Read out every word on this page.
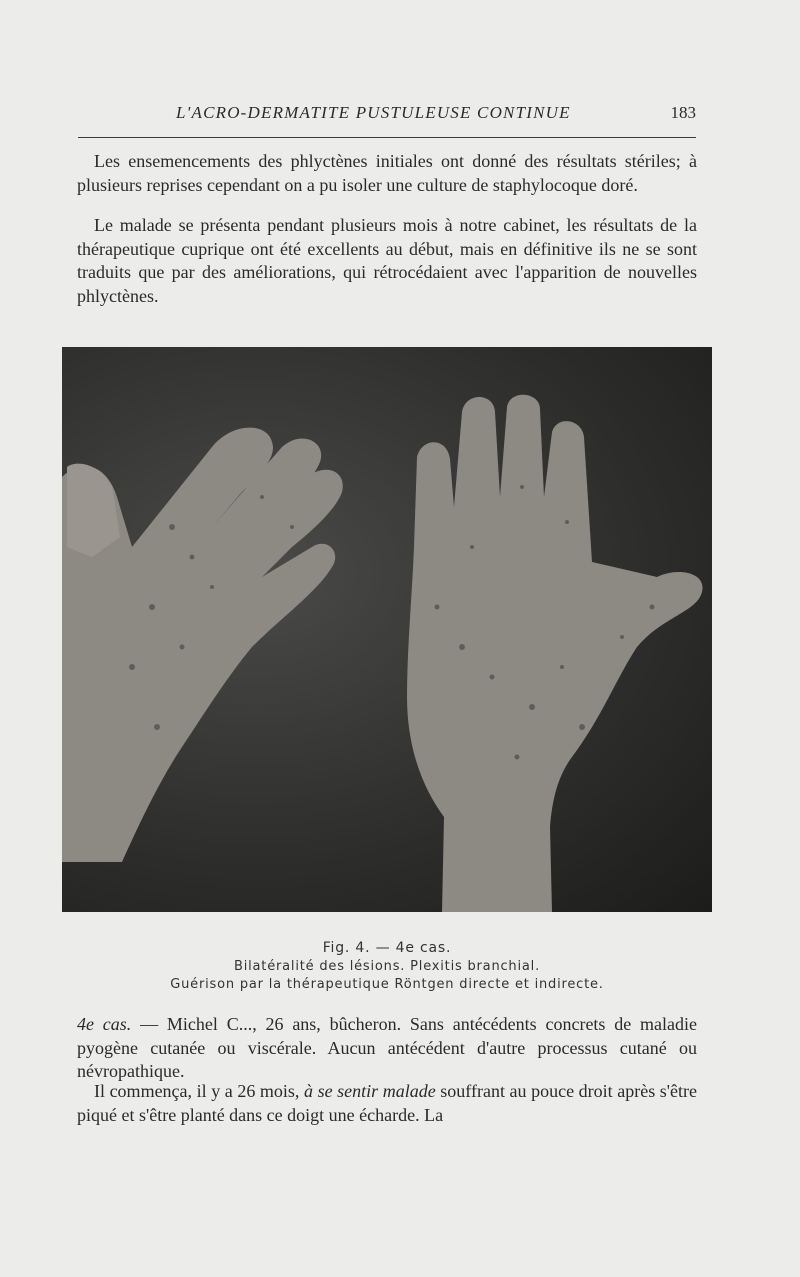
L'ACRO-DERMATITE PUSTULEUSE CONTINUE	183

Les ensemencements des phlyctènes initiales ont donné des résultats stériles; à plusieurs reprises cependant on a pu isoler une culture de staphylocoque doré.

Le malade se présenta pendant plusieurs mois à notre cabinet, les résultats de la thérapeutique cuprique ont été excellents au début, mais en définitive ils ne se sont traduits que par des améliorations, qui rétrocédaient avec l'apparition de nouvelles phlyctènes.

Fig. 4. — 4e cas.
Bilatéralité des lésions. Plexitis branchial.
Guérison par la thérapeutique Röntgen directe et indirecte.

4e cas. — Michel C..., 26 ans, bûcheron. Sans antécédents concrets de maladie pyogène cutanée ou viscérale. Aucun antécédent d'autre processus cutané ou névropathique.

Il commença, il y a 26 mois, à se sentir malade souffrant au pouce droit après s'être piqué et s'être planté dans ce doigt une écharde. La
